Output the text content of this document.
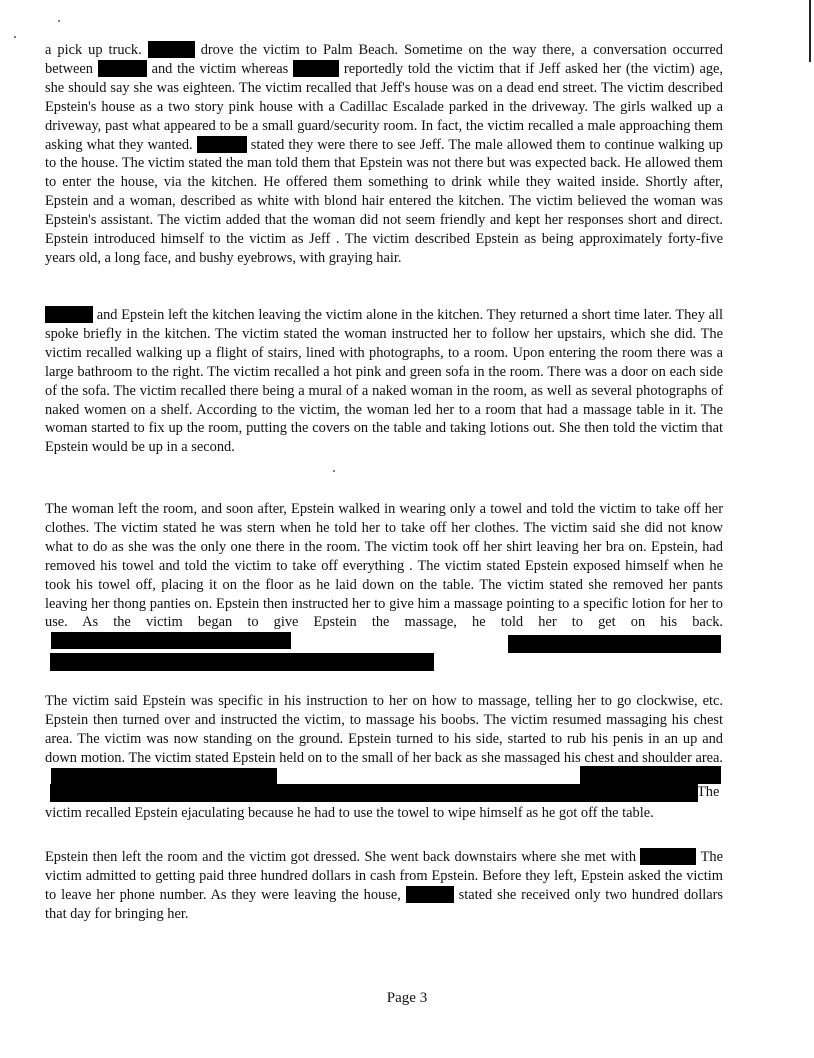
a pick up truck.	drove the victim to Palm Beach. Sometime on the way there, a conversation occurred between	and the victim whereas	reportedly told the victim that if Jeff asked her (the victim) age, she should say she was eighteen. The victim recalled that Jeff's house was on a dead end street. The victim described Epstein's house as a two story pink house with a Cadillac Escalade parked in the driveway. The girls walked up a driveway, past what appeared to be a small guard/security room. In fact, the victim recalled a male approaching them asking what they wanted.	stated they were there to see Jeff. The male allowed them to continue walking up to the house. The victim stated the man told them that Epstein was not there but was expected back. He allowed them to enter the house, via the kitchen. He offered them something to drink while they waited inside. Shortly after, Epstein and a woman, described as white with blond hair entered the kitchen. The victim believed the woman was Epstein's assistant. The victim added that the woman did not seem friendly and kept her responses short and direct. Epstein introduced himself to the victim as Jeff . The victim described Epstein as being approximately forty-five years old, a long face, and bushy eyebrows, with graying hair.

and Epstein left the kitchen leaving the victim alone in the kitchen. They returned a short time later. They all spoke briefly in the kitchen. The victim stated the woman instructed her to follow her upstairs, which she did. The victim recalled walking up a flight of stairs, lined with photographs, to a room. Upon entering the room there was a large bathroom to the right. The victim recalled a hot pink and green sofa in the room. There was a door on each side of the sofa. The victim recalled there being a mural of a naked woman in the room, as well as several photographs of naked women on a shelf. According to the victim, the woman led her to a room that had a massage table in it. The woman started to fix up the room, putting the covers on the table and taking lotions out. She then told the victim that Epstein would be up in a second.

The woman left the room, and soon after, Epstein walked in wearing only a towel and told the victim to take off her clothes. The victim stated he was stern when he told her to take off her clothes. The victim said she did not know what to do as she was the only one there in the room. The victim took off her shirt leaving her bra on. Epstein, had removed his towel and told the victim to take off everything . The victim stated Epstein exposed himself when he took his towel off, placing it on the floor as he laid down on the table. The victim stated she removed her pants leaving her thong panties on. Epstein then instructed her to give him a massage pointing to a specific lotion for her to use. As the victim began to give Epstein the massage, he told her to get on his back.

The victim said Epstein was specific in his instruction to her on how to massage, telling her to go clockwise, etc. Epstein then turned over and instructed the victim, to massage his boobs. The victim resumed massaging his chest area. The victim was now standing on the ground. Epstein turned to his side, started to rub his penis in an up and down motion. The victim stated Epstein held on to the small of her back as she massaged his chest and shoulder area.

The

victim recalled Epstein ejaculating because he had to use the towel to wipe himself as he got off the table.

Epstein then left the room and the victim got dressed. She went back downstairs where she met with	The victim admitted to getting paid three hundred dollars in cash from Epstein. Before they left, Epstein asked the victim to leave her phone number. As they were leaving the house,	stated she received only two hundred dollars that day for bringing her.

Page 3
